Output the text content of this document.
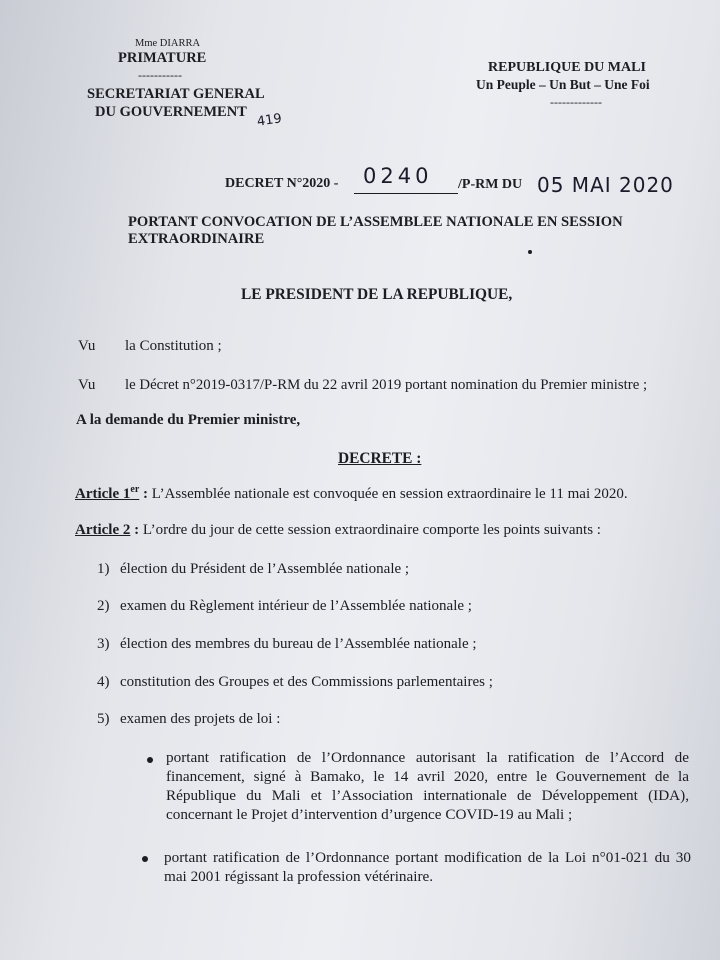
Mme DIARRA
PRIMATURE
-----------
SECRETARIAT GENERAL
DU GOUVERNEMENT 419
REPUBLIQUE DU MALI
Un Peuple – Un But – Une Foi
-------------
DECRET N°2020 - 0240 /P-RM DU 05 MAI 2020
PORTANT CONVOCATION DE L’ASSEMBLEE NATIONALE EN SESSION
EXTRAORDINAIRE
LE PRESIDENT DE LA REPUBLIQUE,
Vu la Constitution ;
Vu le Décret n°2019-0317/P-RM du 22 avril 2019 portant nomination du Premier ministre ;
A la demande du Premier ministre,
DECRETE :
Article 1er : L’Assemblée nationale est convoquée en session extraordinaire le 11 mai 2020.
Article 2 : L’ordre du jour de cette session extraordinaire comporte les points suivants :
1) élection du Président de l’Assemblée nationale ;
2) examen du Règlement intérieur de l’Assemblée nationale ;
3) élection des membres du bureau de l’Assemblée nationale ;
4) constitution des Groupes et des Commissions parlementaires ;
5) examen des projets de loi :
portant ratification de l’Ordonnance autorisant la ratification de l’Accord de financement, signé à Bamako, le 14 avril 2020, entre le Gouvernement de la République du Mali et l’Association internationale de Développement (IDA), concernant le Projet d’intervention d’urgence COVID-19 au Mali ;
portant ratification de l’Ordonnance portant modification de la Loi n°01-021 du 30 mai 2001 régissant la profession vétérinaire.
